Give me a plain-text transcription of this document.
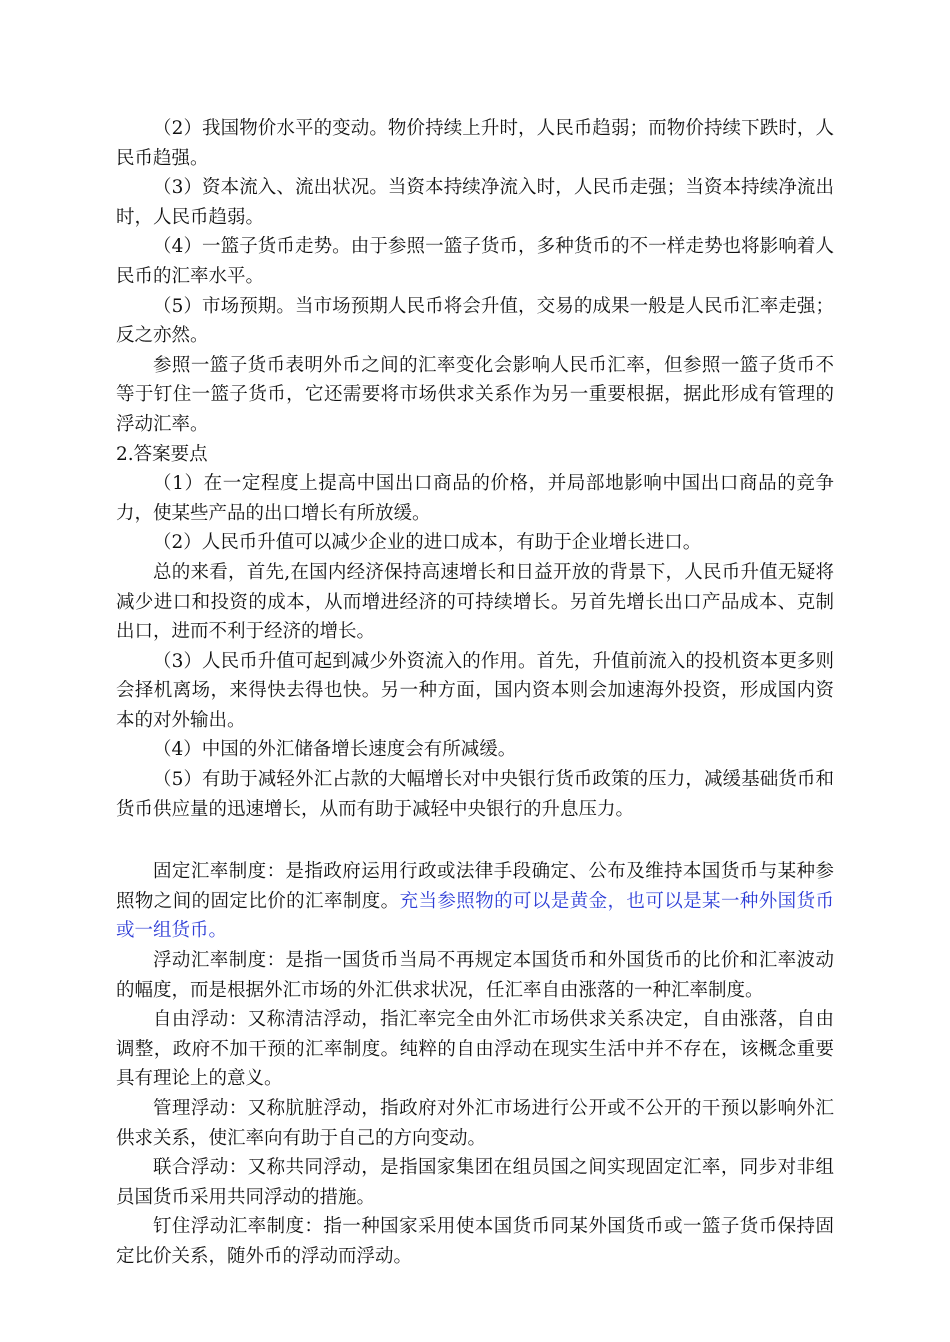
（2）我国物价水平的变动。物价持续上升时，人民币趋弱；而物价持续下跌时，人民币趋强。

（3）资本流入、流出状况。当资本持续净流入时，人民币走强；当资本持续净流出时，人民币趋弱。

（4）一篮子货币走势。由于参照一篮子货币，多种货币的不一样走势也将影响着人民币的汇率水平。

（5）市场预期。当市场预期人民币将会升值，交易的成果一般是人民币汇率走强；反之亦然。

参照一篮子货币表明外币之间的汇率变化会影响人民币汇率，但参照一篮子货币不等于钉住一篮子货币，它还需要将市场供求关系作为另一重要根据，据此形成有管理的浮动汇率。

2.答案要点

（1）在一定程度上提高中国出口商品的价格，并局部地影响中国出口商品的竞争力，使某些产品的出口增长有所放缓。

（2）人民币升值可以减少企业的进口成本，有助于企业增长进口。

总的来看，首先,在国内经济保持高速增长和日益开放的背景下，人民币升值无疑将减少进口和投资的成本，从而增进经济的可持续增长。另首先增长出口产品成本、克制出口，进而不利于经济的增长。

（3）人民币升值可起到减少外资流入的作用。首先，升值前流入的投机资本更多则会择机离场，来得快去得也快。另一种方面，国内资本则会加速海外投资，形成国内资本的对外输出。

（4）中国的外汇储备增长速度会有所减缓。

（5）有助于减轻外汇占款的大幅增长对中央银行货币政策的压力，减缓基础货币和货币供应量的迅速增长，从而有助于减轻中央银行的升息压力。

固定汇率制度：是指政府运用行政或法律手段确定、公布及维持本国货币与某种参照物之间的固定比价的汇率制度。充当参照物的可以是黄金，也可以是某一种外国货币或一组货币。

浮动汇率制度：是指一国货币当局不再规定本国货币和外国货币的比价和汇率波动的幅度，而是根据外汇市场的外汇供求状况，任汇率自由涨落的一种汇率制度。

自由浮动：又称清洁浮动，指汇率完全由外汇市场供求关系决定，自由涨落，自由调整，政府不加干预的汇率制度。纯粹的自由浮动在现实生活中并不存在，该概念重要具有理论上的意义。

管理浮动：又称肮脏浮动，指政府对外汇市场进行公开或不公开的干预以影响外汇供求关系，使汇率向有助于自己的方向变动。

联合浮动：又称共同浮动，是指国家集团在组员国之间实现固定汇率，同步对非组员国货币采用共同浮动的措施。

钉住浮动汇率制度：指一种国家采用使本国货币同某外国货币或一篮子货币保持固定比价关系，随外币的浮动而浮动。
